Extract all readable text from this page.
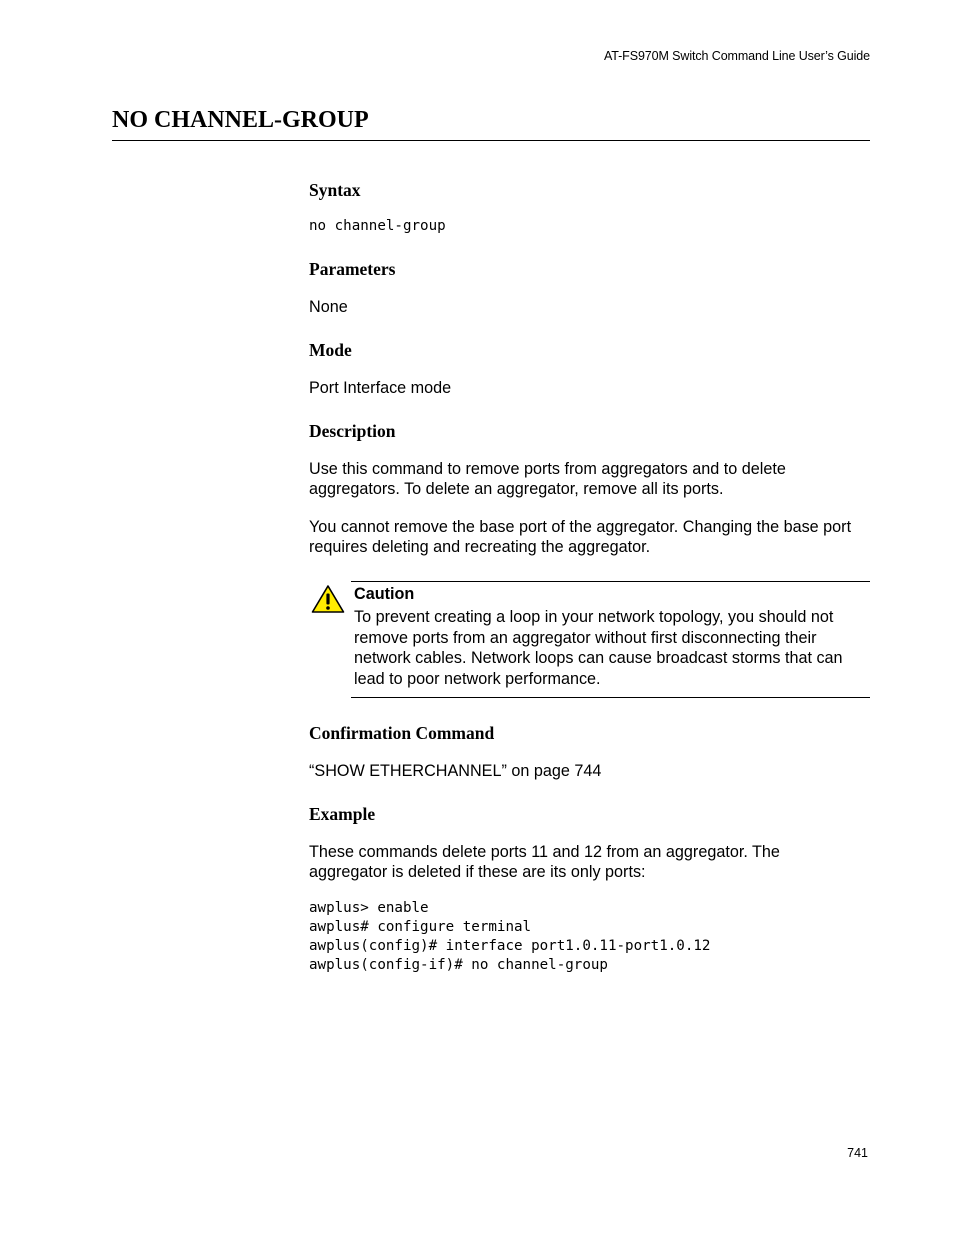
AT-FS970M Switch Command Line User’s Guide
NO CHANNEL-GROUP
Syntax
no channel-group
Parameters

None

Mode

Port Interface mode

Description

Use this command to remove ports from aggregators and to delete aggregators. To delete an aggregator, remove all its ports.

You cannot remove the base port of the aggregator. Changing the base port requires deleting and recreating the aggregator.

Caution

To prevent creating a loop in your network topology, you should not remove ports from an aggregator without first disconnecting their network cables. Network loops can cause broadcast storms that can lead to poor network performance.

Confirmation Command

“SHOW ETHERCHANNEL” on page 744

Example

These commands delete ports 11 and 12 from an aggregator. The aggregator is deleted if these are its only ports:

awplus> enable
awplus# configure terminal
awplus(config)# interface port1.0.11-port1.0.12
awplus(config-if)# no channel-group
741
